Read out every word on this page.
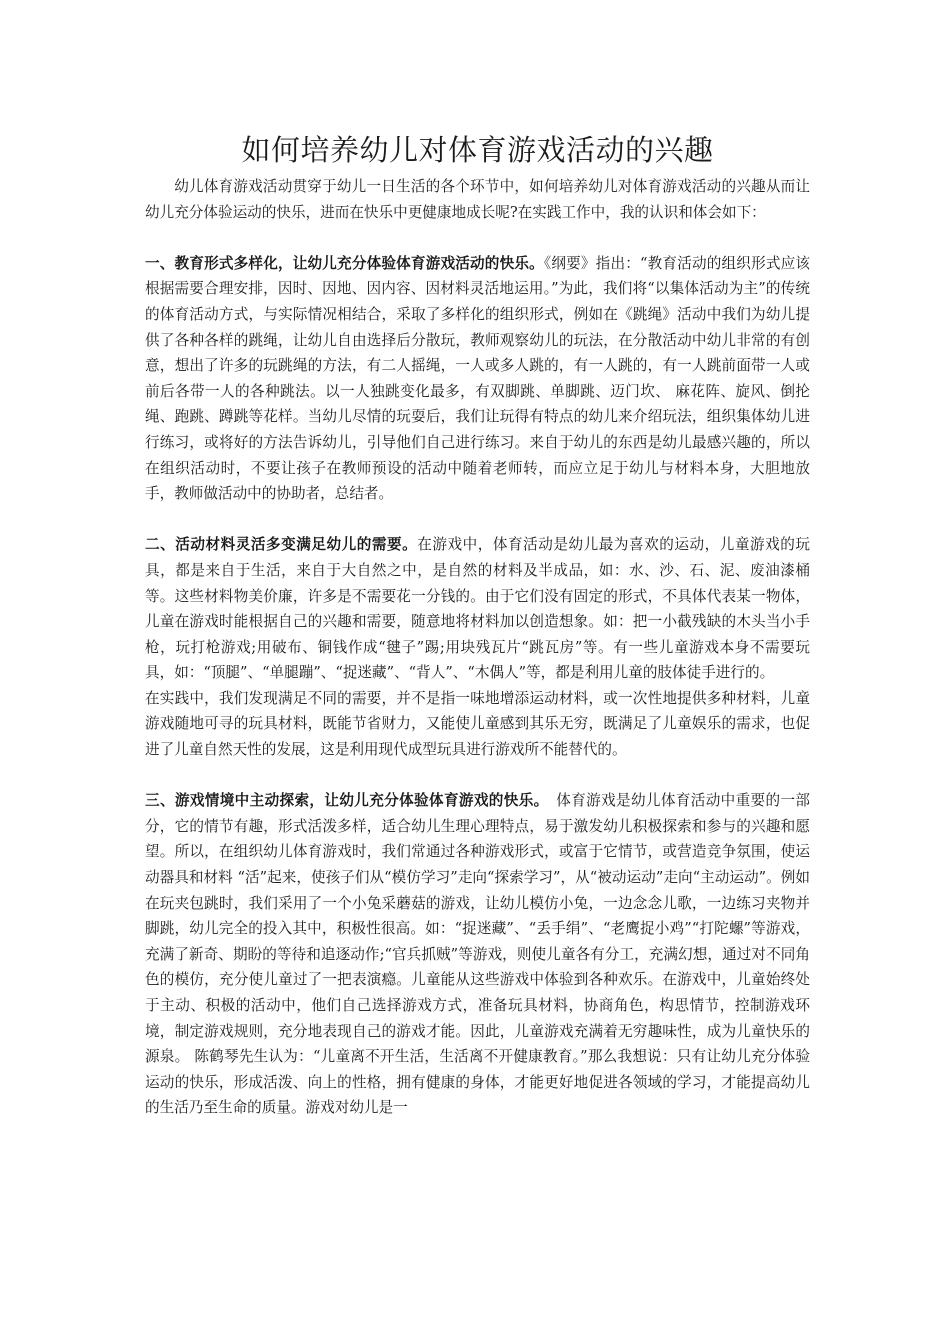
如何培养幼儿对体育游戏活动的兴趣

幼儿体育游戏活动贯穿于幼儿一日生活的各个环节中，如何培养幼儿对体育游戏活动的兴趣从而让幼儿充分体验运动的快乐，进而在快乐中更健康地成长呢?在实践工作中，我的认识和体会如下：

一、教育形式多样化，让幼儿充分体验体育游戏活动的快乐。《纲要》指出：“教育活动的组织形式应该根据需要合理安排，因时、因地、因内容、因材料灵活地运用。”为此，我们将“以集体活动为主”的传统的体育活动方式，与实际情况相结合，采取了多样化的组织形式，例如在《跳绳》活动中我们为幼儿提供了各种各样的跳绳，让幼儿自由选择后分散玩，教师观察幼儿的玩法，在分散活动中幼儿非常的有创意，想出了许多的玩跳绳的方法，有二人摇绳，一人或多人跳的，有一人跳的，有一人跳前面带一人或前后各带一人的各种跳法。以一人独跳变化最多，有双脚跳、单脚跳、迈门坎、 麻花阵、旋风、倒抡绳、跑跳、蹲跳等花样。当幼儿尽情的玩耍后，我们让玩得有特点的幼儿来介绍玩法，组织集体幼儿进行练习，或将好的方法告诉幼儿，引导他们自己进行练习。来自于幼儿的东西是幼儿最感兴趣的，所以在组织活动时，不要让孩子在教师预设的活动中随着老师转，而应立足于幼儿与材料本身，大胆地放手，教师做活动中的协助者，总结者。

二、活动材料灵活多变满足幼儿的需要。在游戏中，体育活动是幼儿最为喜欢的运动，儿童游戏的玩具，都是来自于生活，来自于大自然之中，是自然的材料及半成品，如：水、沙、石、泥、废油漆桶等。这些材料物美价廉，许多是不需要花一分钱的。由于它们没有固定的形式，不具体代表某一物体，儿童在游戏时能根据自己的兴趣和需要，随意地将材料加以创造想象。如：把一小截残缺的木头当小手枪，玩打枪游戏;用破布、铜钱作成“毽子”踢;用块残瓦片“跳瓦房”等。有一些儿童游戏本身不需要玩具，如：“顶腿”、“单腿蹦”、“捉迷藏”、“背人”、“木偶人”等，都是利用儿童的肢体徒手进行的。

在实践中，我们发现满足不同的需要，并不是指一味地增添运动材料，或一次性地提供多种材料，儿童游戏随地可寻的玩具材料，既能节省财力，又能使儿童感到其乐无穷，既满足了儿童娱乐的需求，也促进了儿童自然天性的发展，这是利用现代成型玩具进行游戏所不能替代的。

三、游戏情境中主动探索，让幼儿充分体验体育游戏的快乐。　体育游戏是幼儿体育活动中重要的一部分，它的情节有趣，形式活泼多样，适合幼儿生理心理特点，易于激发幼儿积极探索和参与的兴趣和愿望。所以，在组织幼儿体育游戏时，我们常通过各种游戏形式，或富于它情节，或营造竞争氛围，使运动器具和材料 “活”起来，使孩子们从“模仿学习”走向“探索学习”，从“被动运动”走向“主动运动”。例如在玩夹包跳时，我们采用了一个小兔采蘑菇的游戏，让幼儿模仿小兔，一边念念儿歌，一边练习夹物并脚跳，幼儿完全的投入其中，积极性很高。如：“捉迷藏”、“丢手绢”、“老鹰捉小鸡”“打陀螺”等游戏，充满了新奇、期盼的等待和追逐动作;“官兵抓贼”等游戏，则使儿童各有分工，充满幻想，通过对不同角色的模仿，充分使儿童过了一把表演瘾。儿童能从这些游戏中体验到各种欢乐。在游戏中，儿童始终处于主动、积极的活动中，他们自己选择游戏方式，准备玩具材料，协商角色，构思情节，控制游戏环境，制定游戏规则，充分地表现自己的游戏才能。因此，儿童游戏充满着无穷趣味性，成为儿童快乐的源泉。 陈鹤琴先生认为：“儿童离不开生活，生活离不开健康教育。”那么我想说：只有让幼儿充分体验运动的快乐，形成活泼、向上的性格，拥有健康的身体，才能更好地促进各领域的学习，才能提高幼儿的生活乃至生命的质量。游戏对幼儿是一
